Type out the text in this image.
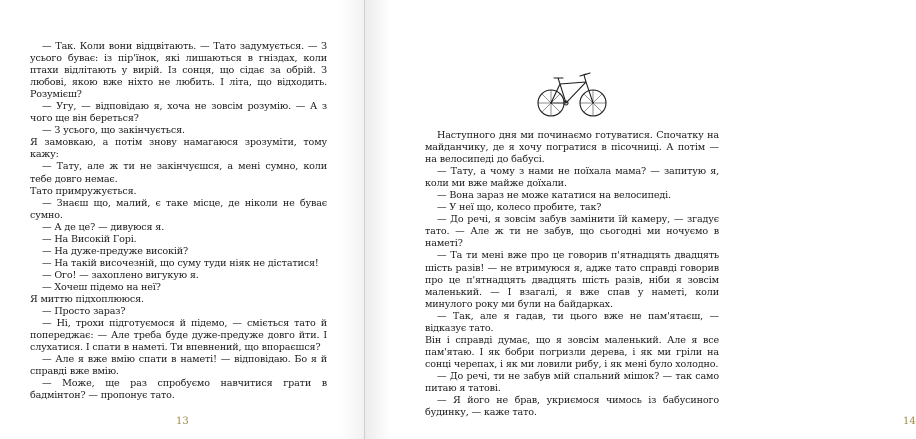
— Так. Коли вони відцвітають. — Тато задумується. — З усього буває: із пір'їнок, які лишаються в гніздах, коли птахи відлітають у вирій. Із сонця, що сідає за обрій. З любові, якою вже ніхто не любить. І літа, що відходить. Розумієш?

— Угу, — відповідаю я, хоча не зовсім розумію. — А з чого ще він береться?

— З усього, що закінчується.

Я замовкаю, а потім знову намагаюся зрозуміти, тому кажу:

— Тату, але ж ти не закінчуєшся, а мені сумно, коли тебе довго немає.

Тато примружується.

— Знаєш що, малий, є таке місце, де ніколи не буває сумно.

— А де це? — дивуюся я.

— На Високій Горі.

— На дуже-предуже високій?

— На такій височезній, що суму туди ніяк не дістатися!

— Ого! — захоплено вигукую я.

— Хочеш підемо на неї?

Я миттю підхоплююся.

— Просто зараз?

— Ні, трохи підготуємося й підемо, — сміється тато й попереджає: — Але треба буде дуже-предуже довго йти. І слухатися. І спати в наметі. Ти впевнений, що впораєшся?

— Але я вже вмію спати в наметі! — відповідаю. Бо я й справді вже вмію.

— Може, ще раз спробуємо навчитися грати в бадмінтон? — пропонує тато.

13	14

Наступного дня ми починаємо готуватися. Спочатку на майданчику, де я хочу погратися в пісочниці. А потім — на велосипеді до бабусі.

— Тату, а чому з нами не поїхала мама? — запитую я, коли ми вже майже доїхали.

— Вона зараз не може кататися на велосипеді.

— У неї що, колесо пробите, так?

— До речі, я зовсім забув замінити їй камеру, — згадує тато. — Але ж ти не забув, що сьогодні ми ночуємо в наметі?

— Та ти мені вже про це говорив п'ятнадцять двадцять шість разів! — не втримуюся я, адже тато справді говорив про це п'ятнадцять двадцять шість разів, ніби я зовсім маленький. — І взагалі, я вже спав у наметі, коли минулого року ми були на байдарках.

— Так, але я гадав, ти цього вже не пам'ятаєш, — відказує тато.

Він і справді думає, що я зовсім маленький. Але я все пам'ятаю. І як бобри погризли дерева, і як ми гріли на сонці черепах, і як ми ловили рибу, і як мені було холодно.

— До речі, ти не забув мій спальний мішок? — так само питаю я татові.

— Я його не брав, укриємося чимось із бабусиного будинку, — каже тато.
